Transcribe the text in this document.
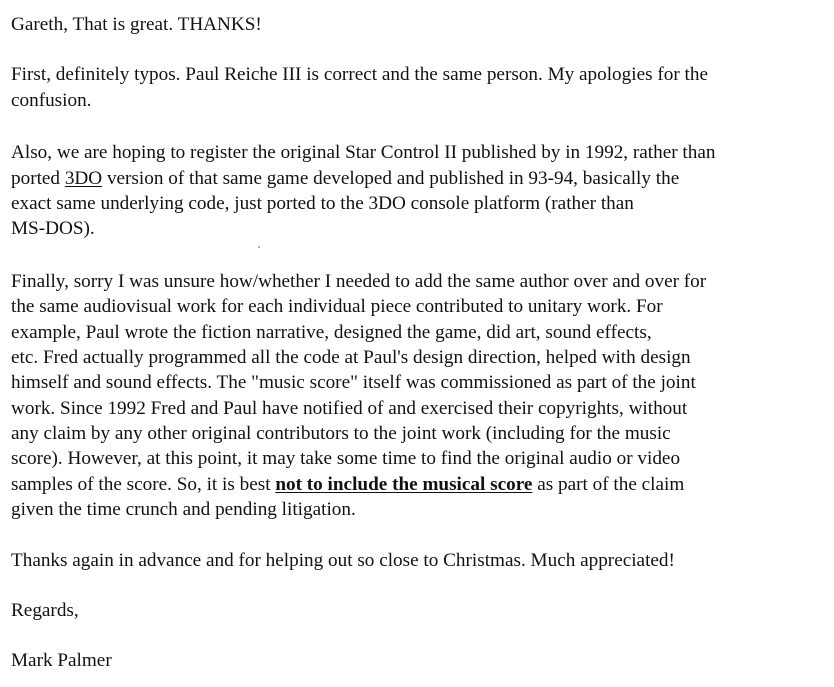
Gareth, That is great. THANKS!
First, definitely typos. Paul Reiche III is correct and the same person. My apologies for the
confusion.
Also, we are hoping to register the original Star Control II published by in 1992, rather than
ported 3DO version of that same game developed and published in 93-94, basically the
exact same underlying code, just ported to the 3DO console platform (rather than
MS-DOS).
Finally, sorry I was unsure how/whether I needed to add the same author over and over for
the same audiovisual work for each individual piece contributed to unitary work. For
example, Paul wrote the fiction narrative, designed the game, did art, sound effects,
etc. Fred actually programmed all the code at Paul's design direction, helped with design
himself and sound effects. The "music score" itself was commissioned as part of the joint
work. Since 1992 Fred and Paul have notified of and exercised their copyrights, without
any claim by any other original contributors to the joint work (including for the music
score). However, at this point, it may take some time to find the original audio or video
samples of the score. So, it is best not to include the musical score as part of the claim
given the time crunch and pending litigation.
Thanks again in advance and for helping out so close to Christmas. Much appreciated!
Regards,
Mark Palmer
